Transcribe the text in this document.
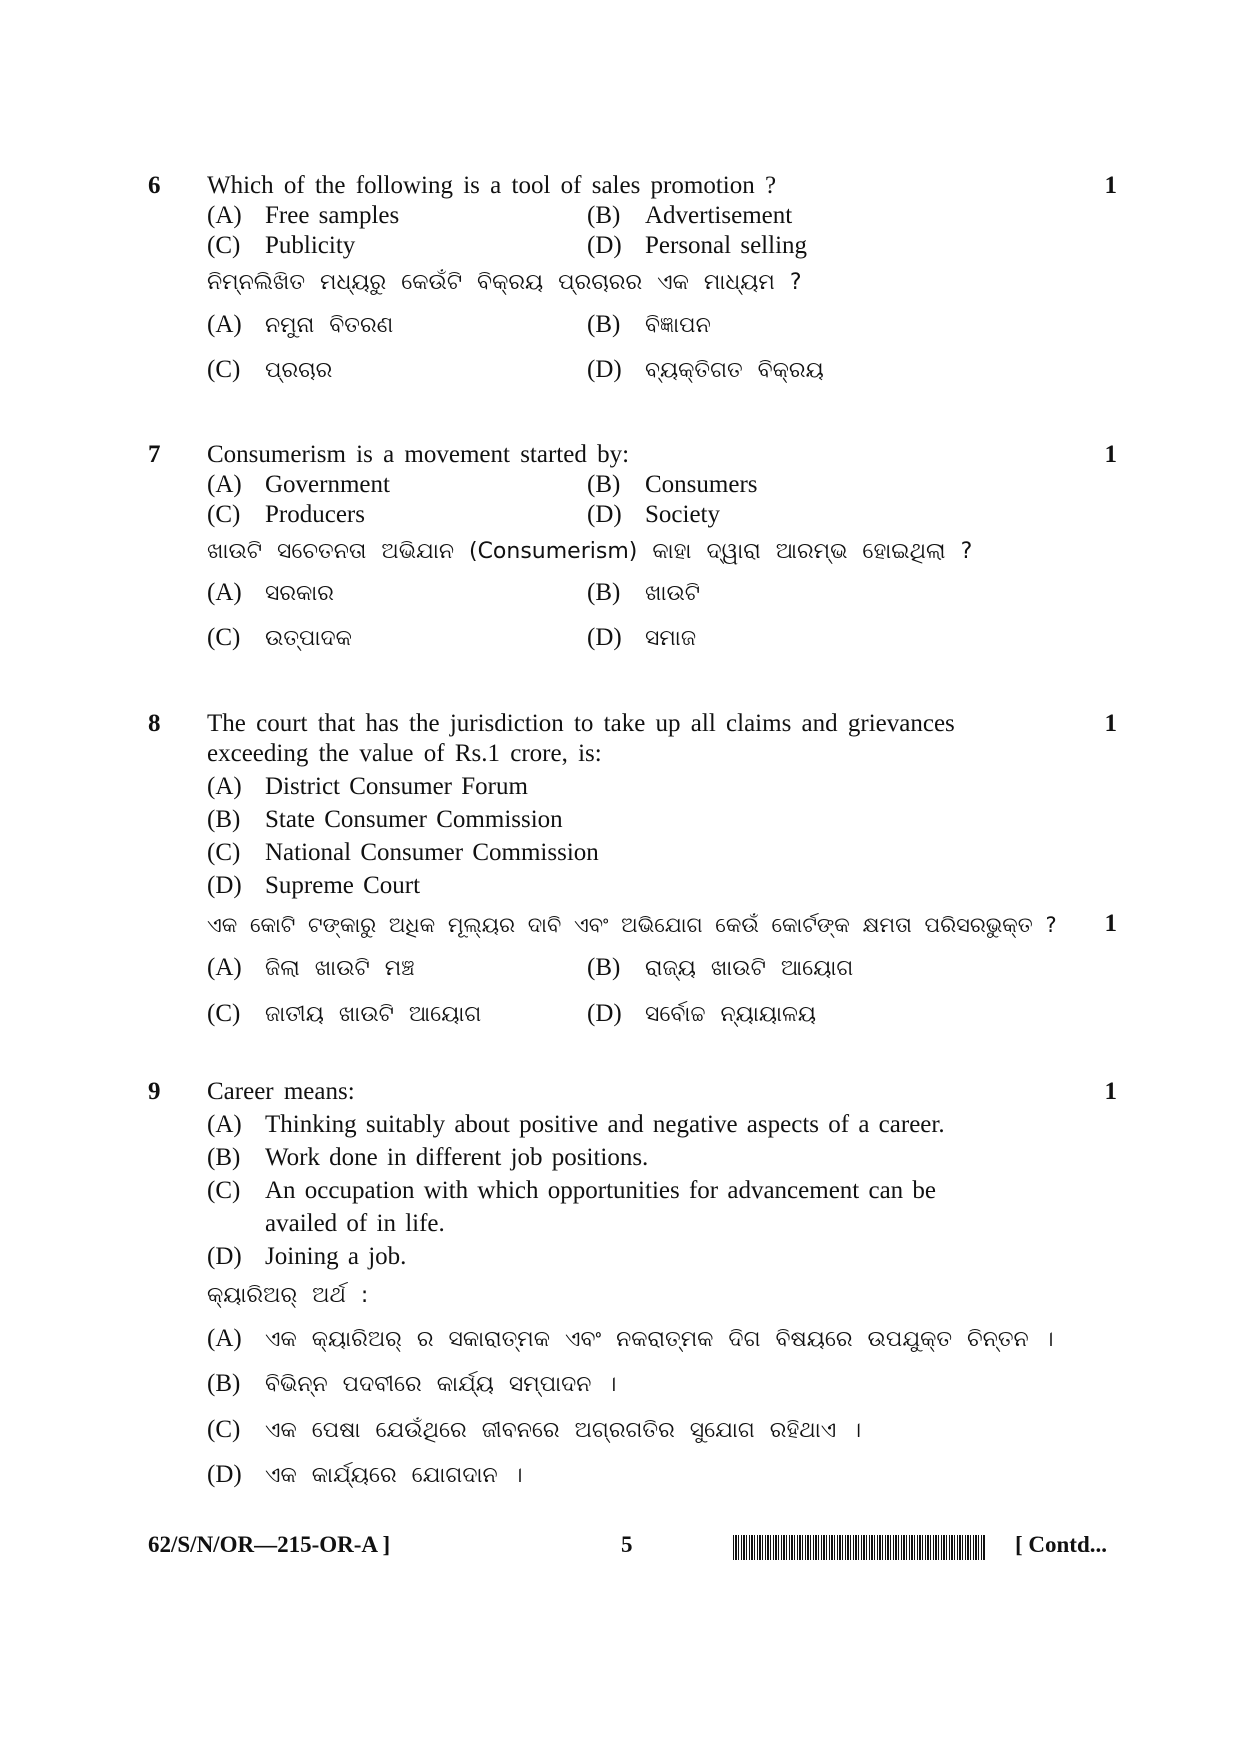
6 Which of the following is a tool of sales promotion ?	1
(A) Free samples	(B) Advertisement
(C) Publicity	(D) Personal selling
ନିମ୍ନଲିଖିତ ମଧ୍ୟରୁ କେଉଁଟି ବିକ୍ରୟ ପ୍ରଚାରର ଏକ ମାଧ୍ୟମ ?
(A) ନମୁନା ବିତରଣ	(B) ବିଜ୍ଞାପନ
(C) ପ୍ରଚାର	(D) ବ୍ୟକ୍ତିଗତ ବିକ୍ରୟ
7 Consumerism is a movement started by:	1
(A) Government	(B) Consumers
(C) Producers	(D) Society
ଖାଉଟି ସଚେତନତା ଅଭିଯାନ (Consumerism) କାହା ଦ୍ୱାରା ଆରମ୍ଭ ହୋଇଥିଲା ?
(A) ସରକାର	(B) ଖାଉଟି
(C) ଉତ୍ପାଦକ	(D) ସମାଜ
8 The court that has the jurisdiction to take up all claims and grievances	1
exceeding the value of Rs.1 crore, is:
(A) District Consumer Forum
(B) State Consumer Commission
(C) National Consumer Commission
(D) Supreme Court
ଏକ କୋଟି ଟଙ୍କାରୁ ଅଧିକ ମୂଲ୍ୟର ଦାବି ଏବଂ ଅଭିଯୋଗ କେଉଁ କୋର୍ଟଙ୍କ କ୍ଷମତା ପରିସରଭୁକ୍ତ ? 1
(A) ଜିଲା ଖାଉଟି ମଞ୍ଚ	(B) ରାଜ୍ୟ ଖାଉଟି ଆୟୋଗ
(C) ଜାତୀୟ ଖାଉଟି ଆୟୋଗ	(D) ସର୍ବୋଚ୍ଚ ନ୍ୟାୟାଳୟ
9 Career means:	1
(A) Thinking suitably about positive and negative aspects of a career.
(B) Work done in different job positions.
(C) An occupation with which opportunities for advancement can be
availed of in life.
(D) Joining a job.
କ୍ୟାରିଅର୍ ଅର୍ଥ :
(A) ଏକ କ୍ୟାରିଅର୍ ର ସକାରାତ୍ମକ ଏବଂ ନକରାତ୍ମକ ଦିଗ ବିଷୟରେ ଉପଯୁକ୍ତ ଚିନ୍ତନ ।
(B) ବିଭିନ୍ନ ପଦବୀରେ କାର୍ଯ୍ୟ ସମ୍ପାଦନ ।
(C) ଏକ ପେଷା ଯେଉଁଥିରେ ଜୀବନରେ ଅଗ୍ରଗତିର ସୁଯୋଗ ରହିଥାଏ ।
(D) ଏକ କାର୍ଯ୍ୟରେ ଯୋଗଦାନ ।
62/S/N/OR—215-OR-A ]	5	[ Contd...
